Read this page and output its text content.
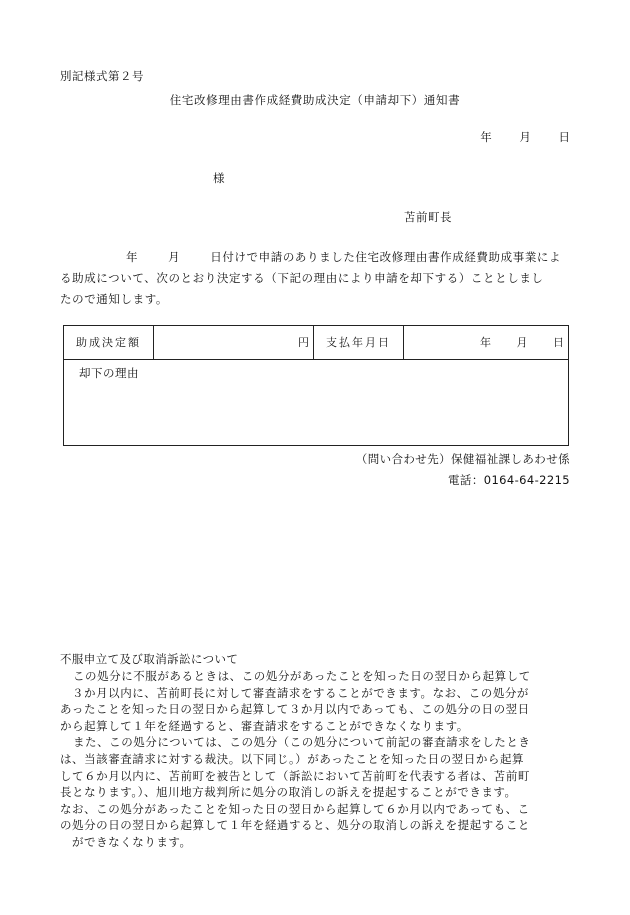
別記様式第２号
住宅改修理由書作成経費助成決定（申請却下）通知書
年 月 日
様
苫前町長
年	月	日付けで申請のありました住宅改修理由書作成経費助成事業によ
る助成について、次のとおり決定する（下記の理由により申請を却下する）こととしまし
たので通知します。
助成決定額	円	支払年月日	年 月 日
却下の理由
（問い合わせ先）保健福祉課しあわせ係
電話：0164-64-2215
不服申立て及び取消訴訟について
この処分に不服があるときは、この処分があったことを知った日の翌日から起算して
３か月以内に、苫前町長に対して審査請求をすることができます。なお、この処分が
あったことを知った日の翌日から起算して３か月以内であっても、この処分の日の翌日
から起算して１年を経過すると、審査請求をすることができなくなります。
また、この処分については、この処分（この処分について前記の審査請求をしたとき
は、当該審査請求に対する裁決。以下同じ。）があったことを知った日の翌日から起算
して６か月以内に、苫前町を被告として（訴訟において苫前町を代表する者は、苫前町
長となります。）、旭川地方裁判所に処分の取消しの訴えを提起することができます。
なお、この処分があったことを知った日の翌日から起算して６か月以内であっても、こ
の処分の日の翌日から起算して１年を経過すると、処分の取消しの訴えを提起すること
ができなくなります。
